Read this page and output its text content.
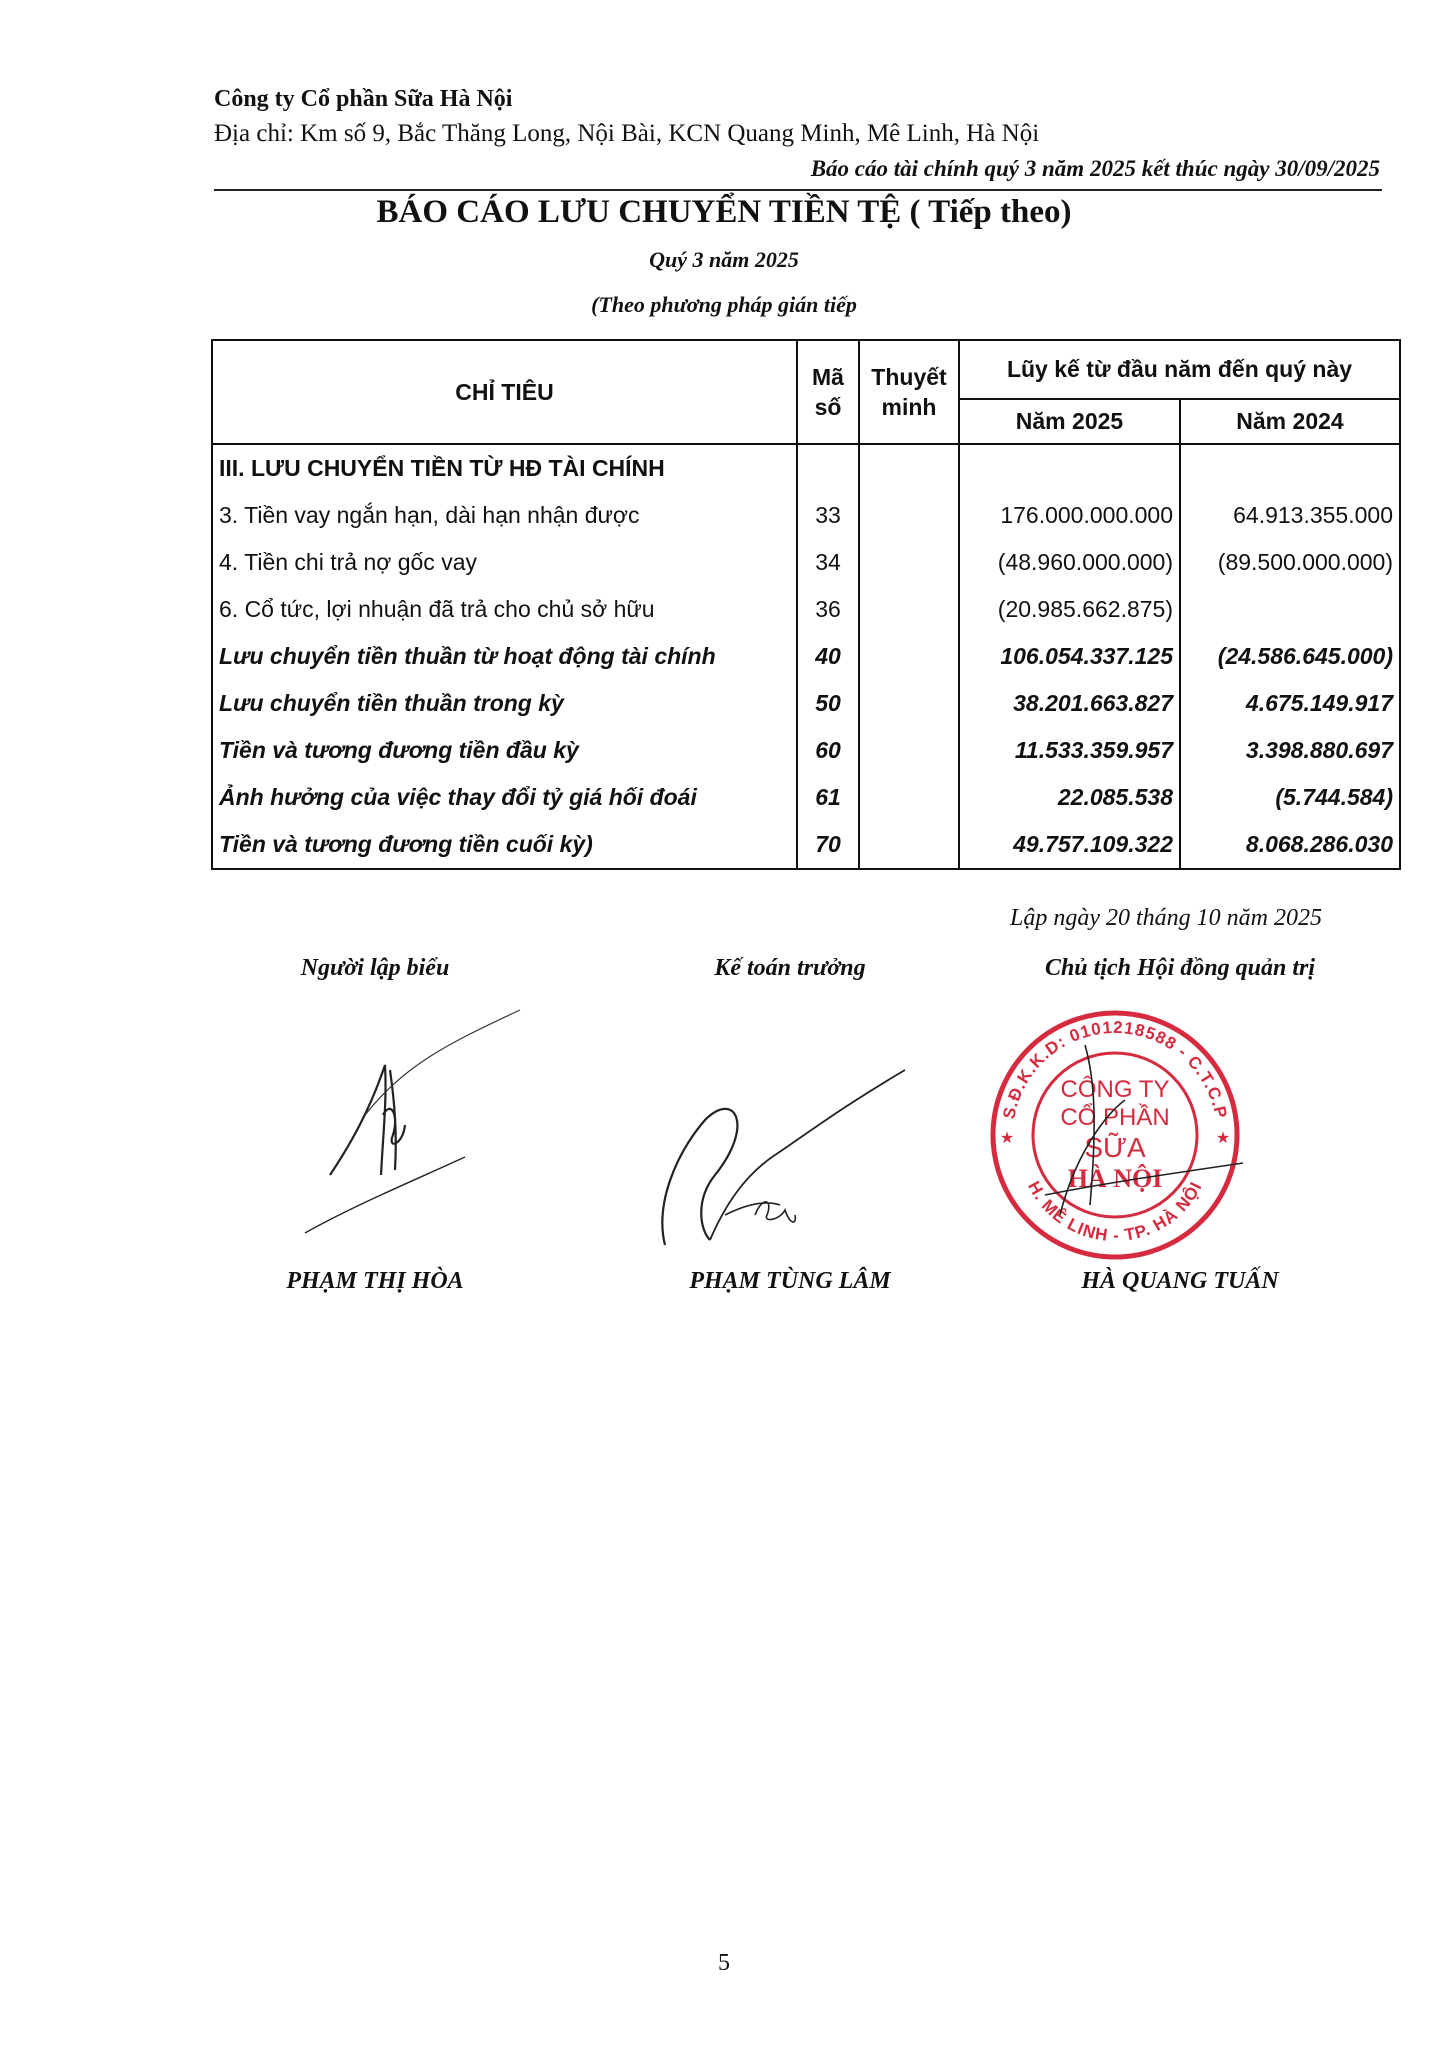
Công ty Cổ phần Sữa Hà Nội
Địa chỉ: Km số 9, Bắc Thăng Long, Nội Bài, KCN Quang Minh, Mê Linh, Hà Nội
Báo cáo tài chính quý 3 năm 2025 kết thúc ngày 30/09/2025
BÁO CÁO LƯU CHUYỂN TIỀN TỆ ( Tiếp theo)
Quý 3 năm 2025
(Theo phương pháp gián tiếp
CHỈ TIÊU	Mã số	Thuyết minh	Lũy kế từ đầu năm đến quý này	
			Năm 2025	Năm 2024
III. LƯU CHUYỂN TIỀN TỪ HĐ TÀI CHÍNH				
3. Tiền vay ngắn hạn, dài hạn nhận được	33		176.000.000.000	64.913.355.000
4. Tiền chi trả nợ gốc vay	34		(48.960.000.000)	(89.500.000.000)
6. Cổ tức, lợi nhuận đã trả cho chủ sở hữu	36		(20.985.662.875)	
Lưu chuyển tiền thuần từ hoạt động tài chính	40		106.054.337.125	(24.586.645.000)
Lưu chuyển tiền thuần trong kỳ	50		38.201.663.827	4.675.149.917
Tiền và tương đương tiền đầu kỳ	60		11.533.359.957	3.398.880.697
Ảnh hưởng của việc thay đổi tỷ giá hối đoái	61		22.085.538	(5.744.584)
Tiền và tương đương tiền cuối kỳ)	70		49.757.109.322	8.068.286.030
Lập ngày 20 tháng 10 năm 2025
Người lập biểu	Kế toán trưởng	Chủ tịch Hội đồng quản trị
S.Đ.K.K.D: 0101218588 - C.T.C.P
H. MÊ LINH - TP. HÀ NỘI
★	★
CÔNG TY
CỔ PHẦN
SỮA
HÀ NỘI
PHẠM THỊ HÒA	PHẠM TÙNG LÂM	HÀ QUANG TUẤN
5
